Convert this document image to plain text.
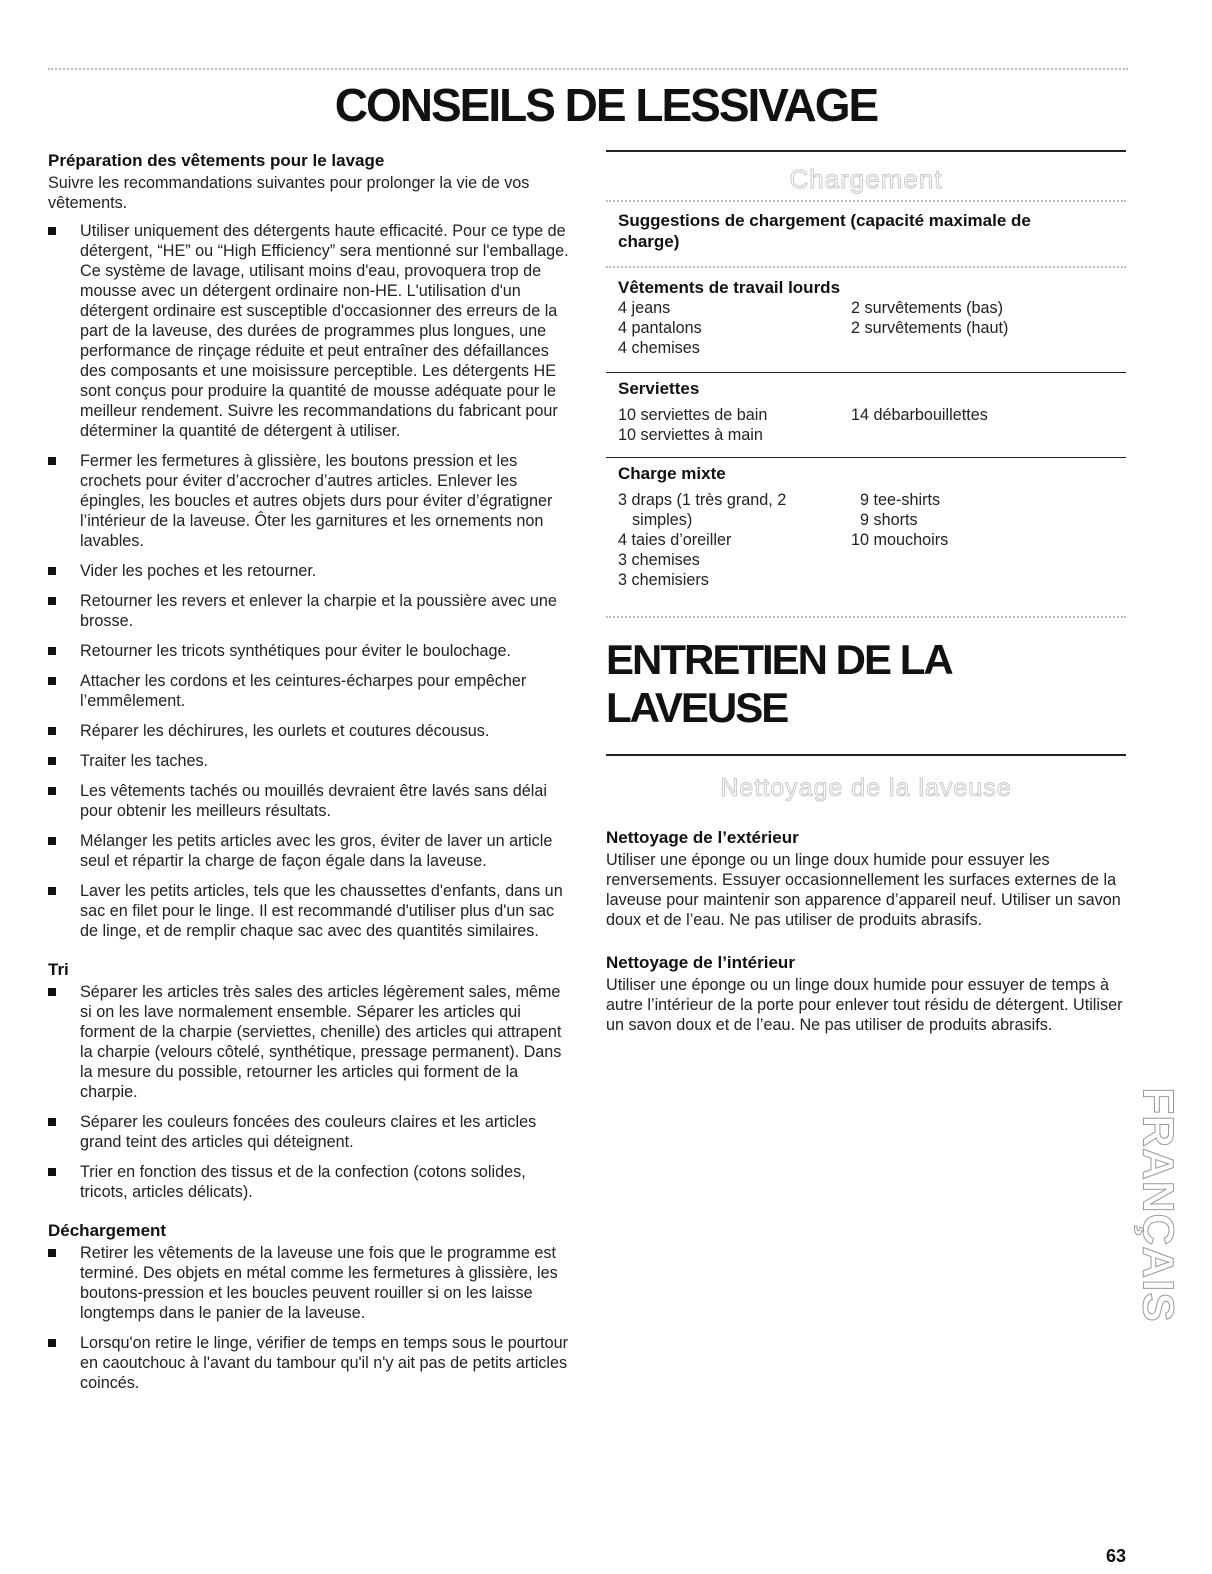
CONSEILS DE LESSIVAGE
Préparation des vêtements pour le lavage
Suivre les recommandations suivantes pour prolonger la vie de vos vêtements.
Utiliser uniquement des détergents haute efficacité. Pour ce type de détergent, “HE” ou “High Efficiency” sera mentionné sur l'emballage. Ce système de lavage, utilisant moins d'eau, provoquera trop de mousse avec un détergent ordinaire non-HE. L'utilisation d'un détergent ordinaire est susceptible d'occasionner des erreurs de la part de la laveuse, des durées de programmes plus longues, une performance de rinçage réduite et peut entraîner des défaillances des composants et une moisissure perceptible. Les détergents HE sont conçus pour produire la quantité de mousse adéquate pour le meilleur rendement. Suivre les recommandations du fabricant pour déterminer la quantité de détergent à utiliser.
Fermer les fermetures à glissière, les boutons pression et les crochets pour éviter d’accrocher d’autres articles. Enlever les épingles, les boucles et autres objets durs pour éviter d’égratigner l’intérieur de la laveuse. Ôter les garnitures et les ornements non lavables.
Vider les poches et les retourner.
Retourner les revers et enlever la charpie et la poussière avec une brosse.
Retourner les tricots synthétiques pour éviter le boulochage.
Attacher les cordons et les ceintures-écharpes pour empêcher l’emmêlement.
Réparer les déchirures, les ourlets et coutures décousus.
Traiter les taches.
Les vêtements tachés ou mouillés devraient être lavés sans délai pour obtenir les meilleurs résultats.
Mélanger les petits articles avec les gros, éviter de laver un article seul et répartir la charge de façon égale dans la laveuse.
Laver les petits articles, tels que les chaussettes d'enfants, dans un sac en filet pour le linge. Il est recommandé d'utiliser plus d'un sac de linge, et de remplir chaque sac avec des quantités similaires.
Tri
Séparer les articles très sales des articles légèrement sales, même si on les lave normalement ensemble. Séparer les articles qui forment de la charpie (serviettes, chenille) des articles qui attrapent la charpie (velours côtelé, synthétique, pressage permanent). Dans la mesure du possible, retourner les articles qui forment de la charpie.
Séparer les couleurs foncées des couleurs claires et les articles grand teint des articles qui déteignent.
Trier en fonction des tissus et de la confection (cotons solides, tricots, articles délicats).
Déchargement
Retirer les vêtements de la laveuse une fois que le programme est terminé. Des objets en métal comme les fermetures à glissière, les boutons-pression et les boucles peuvent rouiller si on les laisse longtemps dans le panier de la laveuse.
Lorsqu'on retire le linge, vérifier de temps en temps sous le pourtour en caoutchouc à l'avant du tambour qu'il n'y ait pas de petits articles coincés.
Chargement
Suggestions de chargement (capacité maximale de charge)
Vêtements de travail lourds
4 jeans
4 pantalons
4 chemises
2 survêtements (bas)
2 survêtements (haut)
Serviettes
10 serviettes de bain
10 serviettes à main
14 débarbouillettes
Charge mixte
3 draps (1 très grand, 2
simples)
4 taies d’oreiller
3 chemises
3 chemisiers
9 tee-shirts
9 shorts
10 mouchoirs
ENTRETIEN DE LA LAVEUSE
Nettoyage de la laveuse
Nettoyage de l’extérieur
Utiliser une éponge ou un linge doux humide pour essuyer les renversements. Essuyer occasionnellement les surfaces externes de la laveuse pour maintenir son apparence d’appareil neuf. Utiliser un savon doux et de l’eau. Ne pas utiliser de produits abrasifs.
Nettoyage de l’intérieur
Utiliser une éponge ou un linge doux humide pour essuyer de temps à autre l’intérieur de la porte pour enlever tout résidu de détergent. Utiliser un savon doux et de l’eau. Ne pas utiliser de produits abrasifs.
FRANÇAIS
63
